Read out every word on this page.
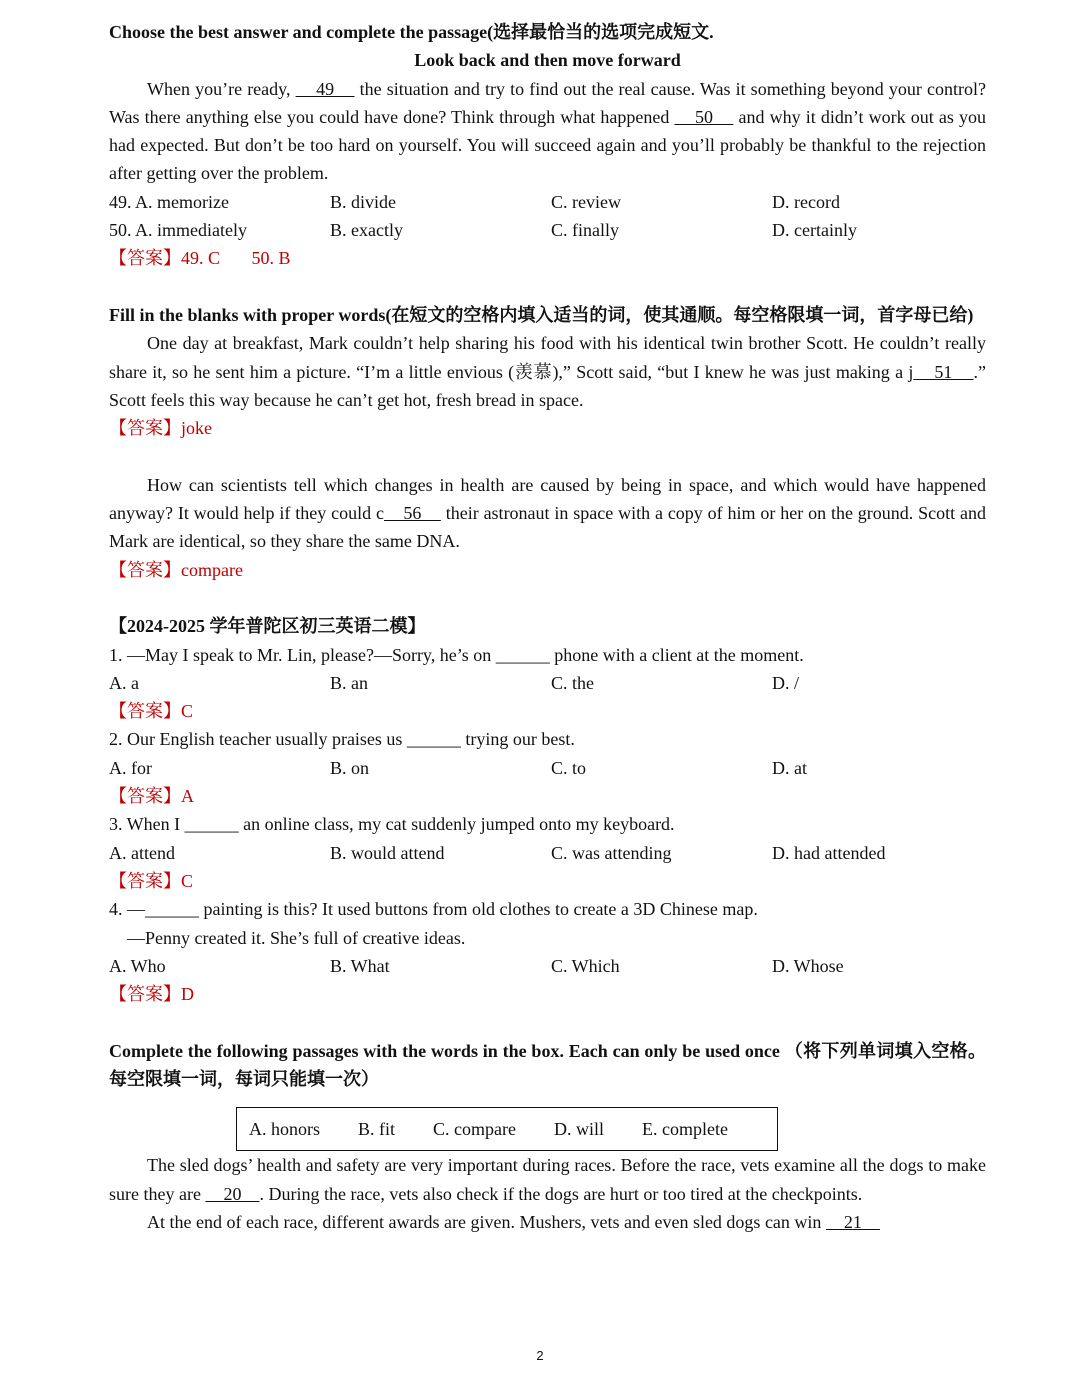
Choose the best answer and complete the passage(选择最恰当的选项完成短文.
Look back and then move forward
When you’re ready,     49     the situation and try to find out the real cause. Was it something beyond your control? Was there anything else you could have done? Think through what happened     50     and why it didn’t work out as you had expected. But don’t be too hard on yourself. You will succeed again and you’ll probably be thankful to the rejection after getting over the problem.
49. A. memorize	B. divide	C. review	D. record
50. A. immediately	B. exactly	C. finally	D. certainly
【答案】49. C       50. B
Fill in the blanks with proper words(在短文的空格内填入适当的词，使其通顺。每空格限填一词，首字母已给)
One day at breakfast, Mark couldn’t help sharing his food with his identical twin brother Scott. He couldn’t really share it, so he sent him a picture. “I’m a little envious (羡慕),” Scott said, “but I knew he was just making a j    51    .” Scott feels this way because he can’t get hot, fresh bread in space.
【答案】joke
How can scientists tell which changes in health are caused by being in space, and which would have happened anyway? It would help if they could c    56     their astronaut in space with a copy of him or her on the ground. Scott and Mark are identical, so they share the same DNA.
【答案】compare
【2024-2025 学年普陀区初三英语二模】
1. —May I speak to Mr. Lin, please?—Sorry, he’s on ______ phone with a client at the moment.
A. a	B. an	C. the	D. /
【答案】C
2. Our English teacher usually praises us ______ trying our best.
A. for	B. on	C. to	D. at
【答案】A
3. When I ______ an online class, my cat suddenly jumped onto my keyboard.
A. attend	B. would attend	C. was attending	D. had attended
【答案】C
4. —______ painting is this? It used buttons from old clothes to create a 3D Chinese map.
—Penny created it. She’s full of creative ideas.
A. Who	B. What	C. Which	D. Whose
【答案】D
Complete the following passages with the words in the box. Each can only be used once （将下列单词填入空格。每空限填一词，每词只能填一次）
A. honors B. fit C. compare D. will E. complete
The sled dogs’ health and safety are very important during races. Before the race, vets examine all the dogs to make sure they are     20    . During the race, vets also check if the dogs are hurt or too tired at the checkpoints.
At the end of each race, different awards are given. Mushers, vets and even sled dogs can win     21
2
